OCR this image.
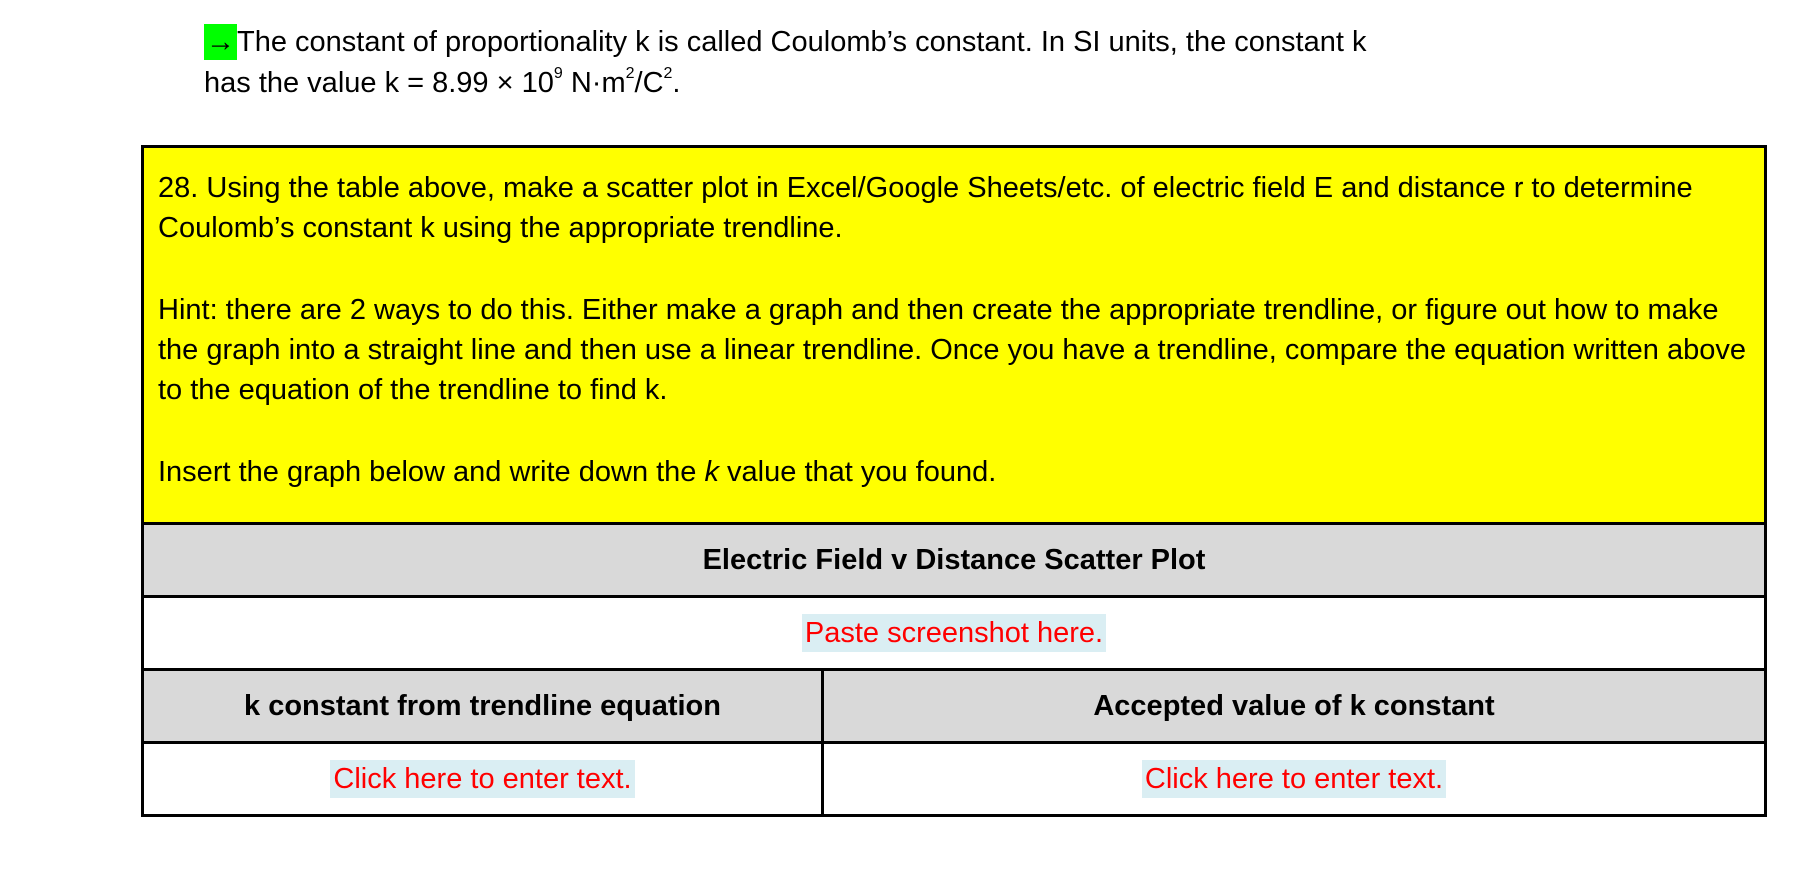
→The constant of proportionality k is called Coulomb’s constant. In SI units, the constant k
has the value $k = 8.99 \times 10^9$ $N\cdot m^2/C^2$.

28. Using the table above, make a scatter plot in Excel/Google Sheets/etc. of electric field E and distance r to determine Coulomb’s constant k using the appropriate trendline.

Hint: there are 2 ways to do this. Either make a graph and then create the appropriate trendline, or figure out how to make the graph into a straight line and then use a linear trendline. Once you have a trendline, compare the equation written above to the equation of the trendline to find k.

Insert the graph below and write down the k value that you found.	

Electric Field v Distance Scatter Plot	
Paste screenshot here.	
k constant from trendline equation	Accepted value of k constant
Click here to enter text.	Click here to enter text.
